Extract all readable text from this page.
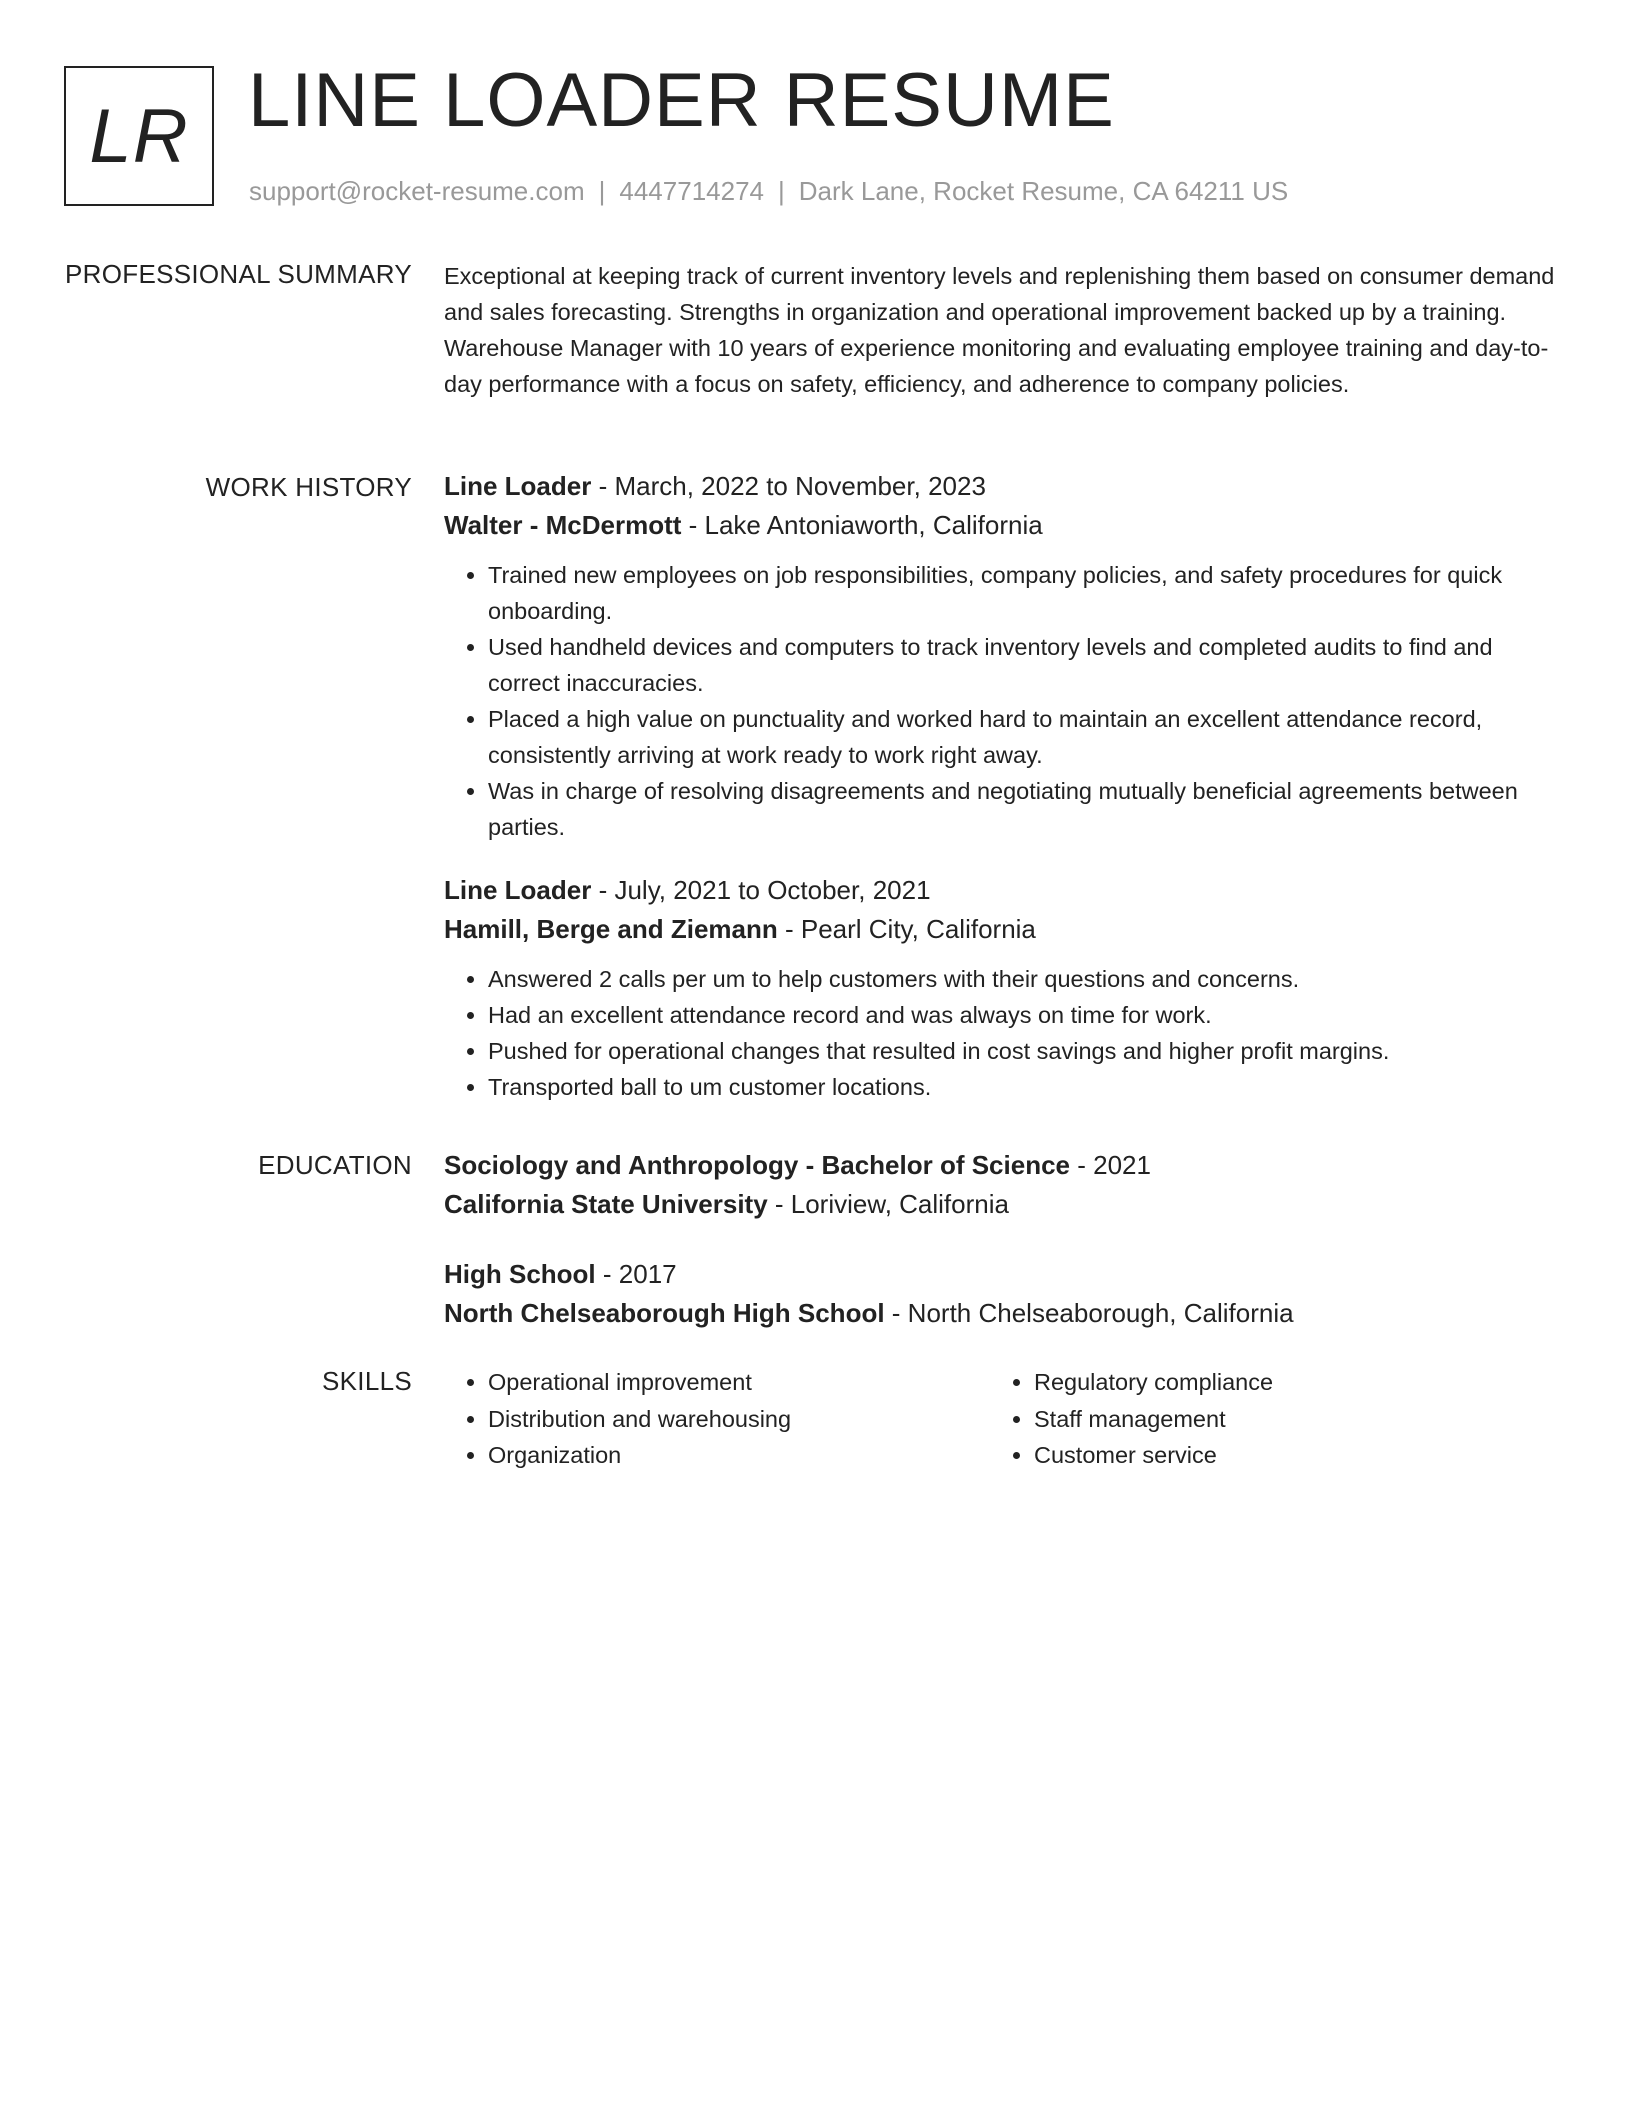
LR LINE LOADER RESUME
support@rocket-resume.com | 4447714274 | Dark Lane, Rocket Resume, CA 64211 US
PROFESSIONAL SUMMARY Exceptional at keeping track of current inventory levels and replenishing them based on consumer demand and sales forecasting. Strengths in organization and operational improvement backed up by a training. Warehouse Manager with 10 years of experience monitoring and evaluating employee training and day-to-day performance with a focus on safety, efficiency, and adherence to company policies.

WORK HISTORY Line Loader - March, 2022 to November, 2023

Walter - McDermott - Lake Antoniaworth, California

• Trained new employees on job responsibilities, company policies, and safety procedures for quick onboarding.
• Used handheld devices and computers to track inventory levels and completed audits to find and correct inaccuracies.
• Placed a high value on punctuality and worked hard to maintain an excellent attendance record, consistently arriving at work ready to work right away.
• Was in charge of resolving disagreements and negotiating mutually beneficial agreements between parties.

Line Loader - July, 2021 to October, 2021

Hamill, Berge and Ziemann - Pearl City, California

• Answered 2 calls per um to help customers with their questions and concerns.
• Had an excellent attendance record and was always on time for work.
• Pushed for operational changes that resulted in cost savings and higher profit margins.
• Transported ball to um customer locations.
EDUCATION Sociology and Anthropology - Bachelor of Science - 2021

California State University - Loriview, California

High School - 2017

North Chelseaborough High School - North Chelseaborough, California

SKILLS
•	Operational improvement
• Distribution and warehousing
• Organization
• Regulatory compliance
• Staff management
• Customer service
